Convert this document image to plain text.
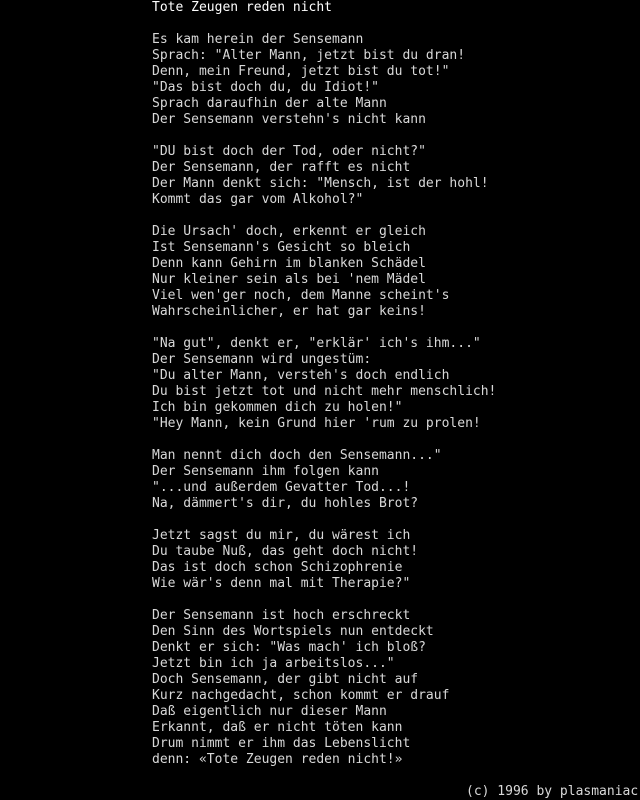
Tote Zeugen reden nicht
Es kam herein der Sensemann
Sprach: "Alter Mann, jetzt bist du dran!
Denn, mein Freund, jetzt bist du tot!"
"Das bist doch du, du Idiot!"
Sprach daraufhin der alte Mann
Der Sensemann verstehn's nicht kann
"DU bist doch der Tod, oder nicht?"
Der Sensemann, der rafft es nicht
Der Mann denkt sich: "Mensch, ist der hohl!
Kommt das gar vom Alkohol?"
Die Ursach' doch, erkennt er gleich
Ist Sensemann's Gesicht so bleich
Denn kann Gehirn im blanken Schädel
Nur kleiner sein als bei 'nem Mädel
Viel wen'ger noch, dem Manne scheint's
Wahrscheinlicher, er hat gar keins!
"Na gut", denkt er, "erklär' ich's ihm..."
Der Sensemann wird ungestüm:
"Du alter Mann, versteh's doch endlich
Du bist jetzt tot und nicht mehr menschlich!
Ich bin gekommen dich zu holen!"
"Hey Mann, kein Grund hier 'rum zu prolen!
Man nennt dich doch den Sensemann..."
Der Sensemann ihm folgen kann
"...und außerdem Gevatter Tod...!
Na, dämmert's dir, du hohles Brot?
Jetzt sagst du mir, du wärest ich
Du taube Nuß, das geht doch nicht!
Das ist doch schon Schizophrenie
Wie wär's denn mal mit Therapie?"
Der Sensemann ist hoch erschreckt
Den Sinn des Wortspiels nun entdeckt
Denkt er sich: "Was mach' ich bloß?
Jetzt bin ich ja arbeitslos..."
Doch Sensemann, der gibt nicht auf
Kurz nachgedacht, schon kommt er drauf
Daß eigentlich nur dieser Mann
Erkannt, daß er nicht töten kann
Drum nimmt er ihm das Lebenslicht
denn: «Tote Zeugen reden nicht!»
(c) 1996 by plasmaniac
